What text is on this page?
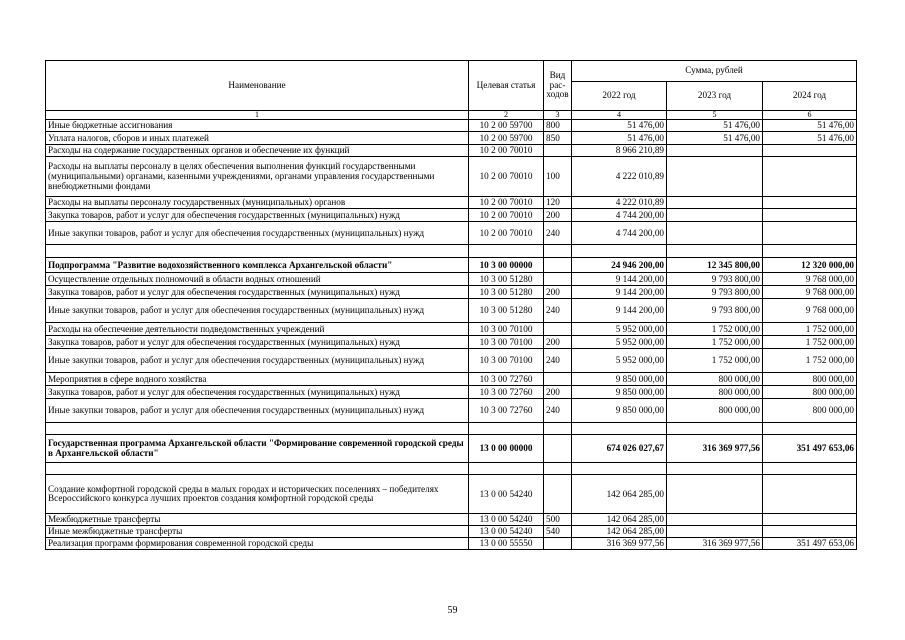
Наименование	Целевая статья	Вид рас-ходов	Сумма, рублей		
			2022 год	2023 год	2024 год
1	2	3	4	5	6
Иные бюджетные ассигнования	10 2 00 59700	800	51 476,00	51 476,00	51 476,00
Уплата налогов, сборов и иных платежей	10 2 00 59700	850	51 476,00	51 476,00	51 476,00
Расходы на содержание государственных органов и обеспечение их функций	10 2 00 70010		8 966 210,89		
Расходы на выплаты персоналу в целях обеспечения выполнения функций государственными (муниципальными) органами, казенными учреждениями, органами управления государственными внебюджетными фондами	10 2 00 70010	100	4 222 010,89		
Расходы на выплаты персоналу государственных (муниципальных) органов	10 2 00 70010	120	4 222 010,89		
Закупка товаров, работ и услуг для обеспечения государственных (муниципальных) нужд	10 2 00 70010	200	4 744 200,00		
Иные закупки товаров, работ и услуг для обеспечения государственных (муниципальных) нужд	10 2 00 70010	240	4 744 200,00		

Подпрограмма "Развитие водохозяйственного комплекса Архангельской области"	10 3 00 00000		24 946 200,00	12 345 800,00	12 320 000,00
Осуществление отдельных полномочий в области водных отношений	10 3 00 51280		9 144 200,00	9 793 800,00	9 768 000,00
Закупка товаров, работ и услуг для обеспечения государственных (муниципальных) нужд	10 3 00 51280	200	9 144 200,00	9 793 800,00	9 768 000,00
Иные закупки товаров, работ и услуг для обеспечения государственных (муниципальных) нужд	10 3 00 51280	240	9 144 200,00	9 793 800,00	9 768 000,00
Расходы на обеспечение деятельности подведомственных учреждений	10 3 00 70100		5 952 000,00	1 752 000,00	1 752 000,00
Закупка товаров, работ и услуг для обеспечения государственных (муниципальных) нужд	10 3 00 70100	200	5 952 000,00	1 752 000,00	1 752 000,00
Иные закупки товаров, работ и услуг для обеспечения государственных (муниципальных) нужд	10 3 00 70100	240	5 952 000,00	1 752 000,00	1 752 000,00
Мероприятия в сфере водного хозяйства	10 3 00 72760		9 850 000,00	800 000,00	800 000,00
Закупка товаров, работ и услуг для обеспечения государственных (муниципальных) нужд	10 3 00 72760	200	9 850 000,00	800 000,00	800 000,00
Иные закупки товаров, работ и услуг для обеспечения государственных (муниципальных) нужд	10 3 00 72760	240	9 850 000,00	800 000,00	800 000,00

Государственная программа Архангельской области "Формирование современной городской среды в Архангельской области"	13 0 00 00000		674 026 027,67	316 369 977,56	351 497 653,06

Создание комфортной городской среды в малых городах и исторических поселениях – победителях Всероссийского конкурса лучших проектов создания комфортной городской среды	13 0 00 54240		142 064 285,00		
Межбюджетные трансферты	13 0 00 54240	500	142 064 285,00		
Иные межбюджетные трансферты	13 0 00 54240	540	142 064 285,00		
Реализация программ формирования современной городской среды	13 0 00 55550		316 369 977,56	316 369 977,56	351 497 653,06
59
